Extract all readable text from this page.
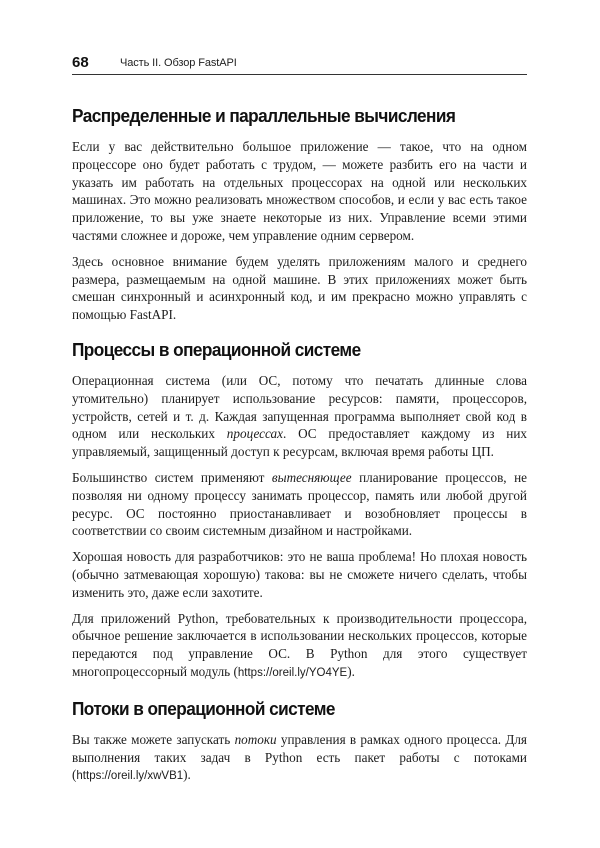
68	Часть II. Обзор FastAPI
Распределенные и параллельные вычисления

Если у вас действительно большое приложение — такое, что на одном процессоре оно будет работать с трудом, — можете разбить его на части и указать им работать на отдельных процессорах на одной или нескольких машинах. Это можно реализовать множеством способов, и если у вас есть такое приложение, то вы уже знаете некоторые из них. Управление всеми этими частями сложнее и дороже, чем управление одним сервером.

Здесь основное внимание будем уделять приложениям малого и среднего размера, размещаемым на одной машине. В этих приложениях может быть смешан синхронный и асинхронный код, и им прекрасно можно управлять с помощью FastAPI.

Процессы в операционной системе

Операционная система (или ОС, потому что печатать длинные слова утомительно) планирует использование ресурсов: памяти, процессоров, устройств, сетей и т. д. Каждая запущенная программа выполняет свой код в одном или нескольких процессах. ОС предоставляет каждому из них управляемый, защищенный доступ к ресурсам, включая время работы ЦП.

Большинство систем применяют вытесняющее планирование процессов, не позволяя ни одному процессу занимать процессор, память или любой другой ресурс. ОС постоянно приостанавливает и возобновляет процессы в соответствии со своим системным дизайном и настройками.

Хорошая новость для разработчиков: это не ваша проблема! Но плохая новость (обычно затмевающая хорошую) такова: вы не сможете ничего сделать, чтобы изменить это, даже если захотите.

Для приложений Python, требовательных к производительности процессора, обычное решение заключается в использовании нескольких процессов, которые передаются под управление ОС. В Python для этого существует многопроцессорный модуль (https://oreil.ly/YO4YE).

Потоки в операционной системе

Вы также можете запускать потоки управления в рамках одного процесса. Для выполнения таких задач в Python есть пакет работы с потоками (https://oreil.ly/xwVB1).
